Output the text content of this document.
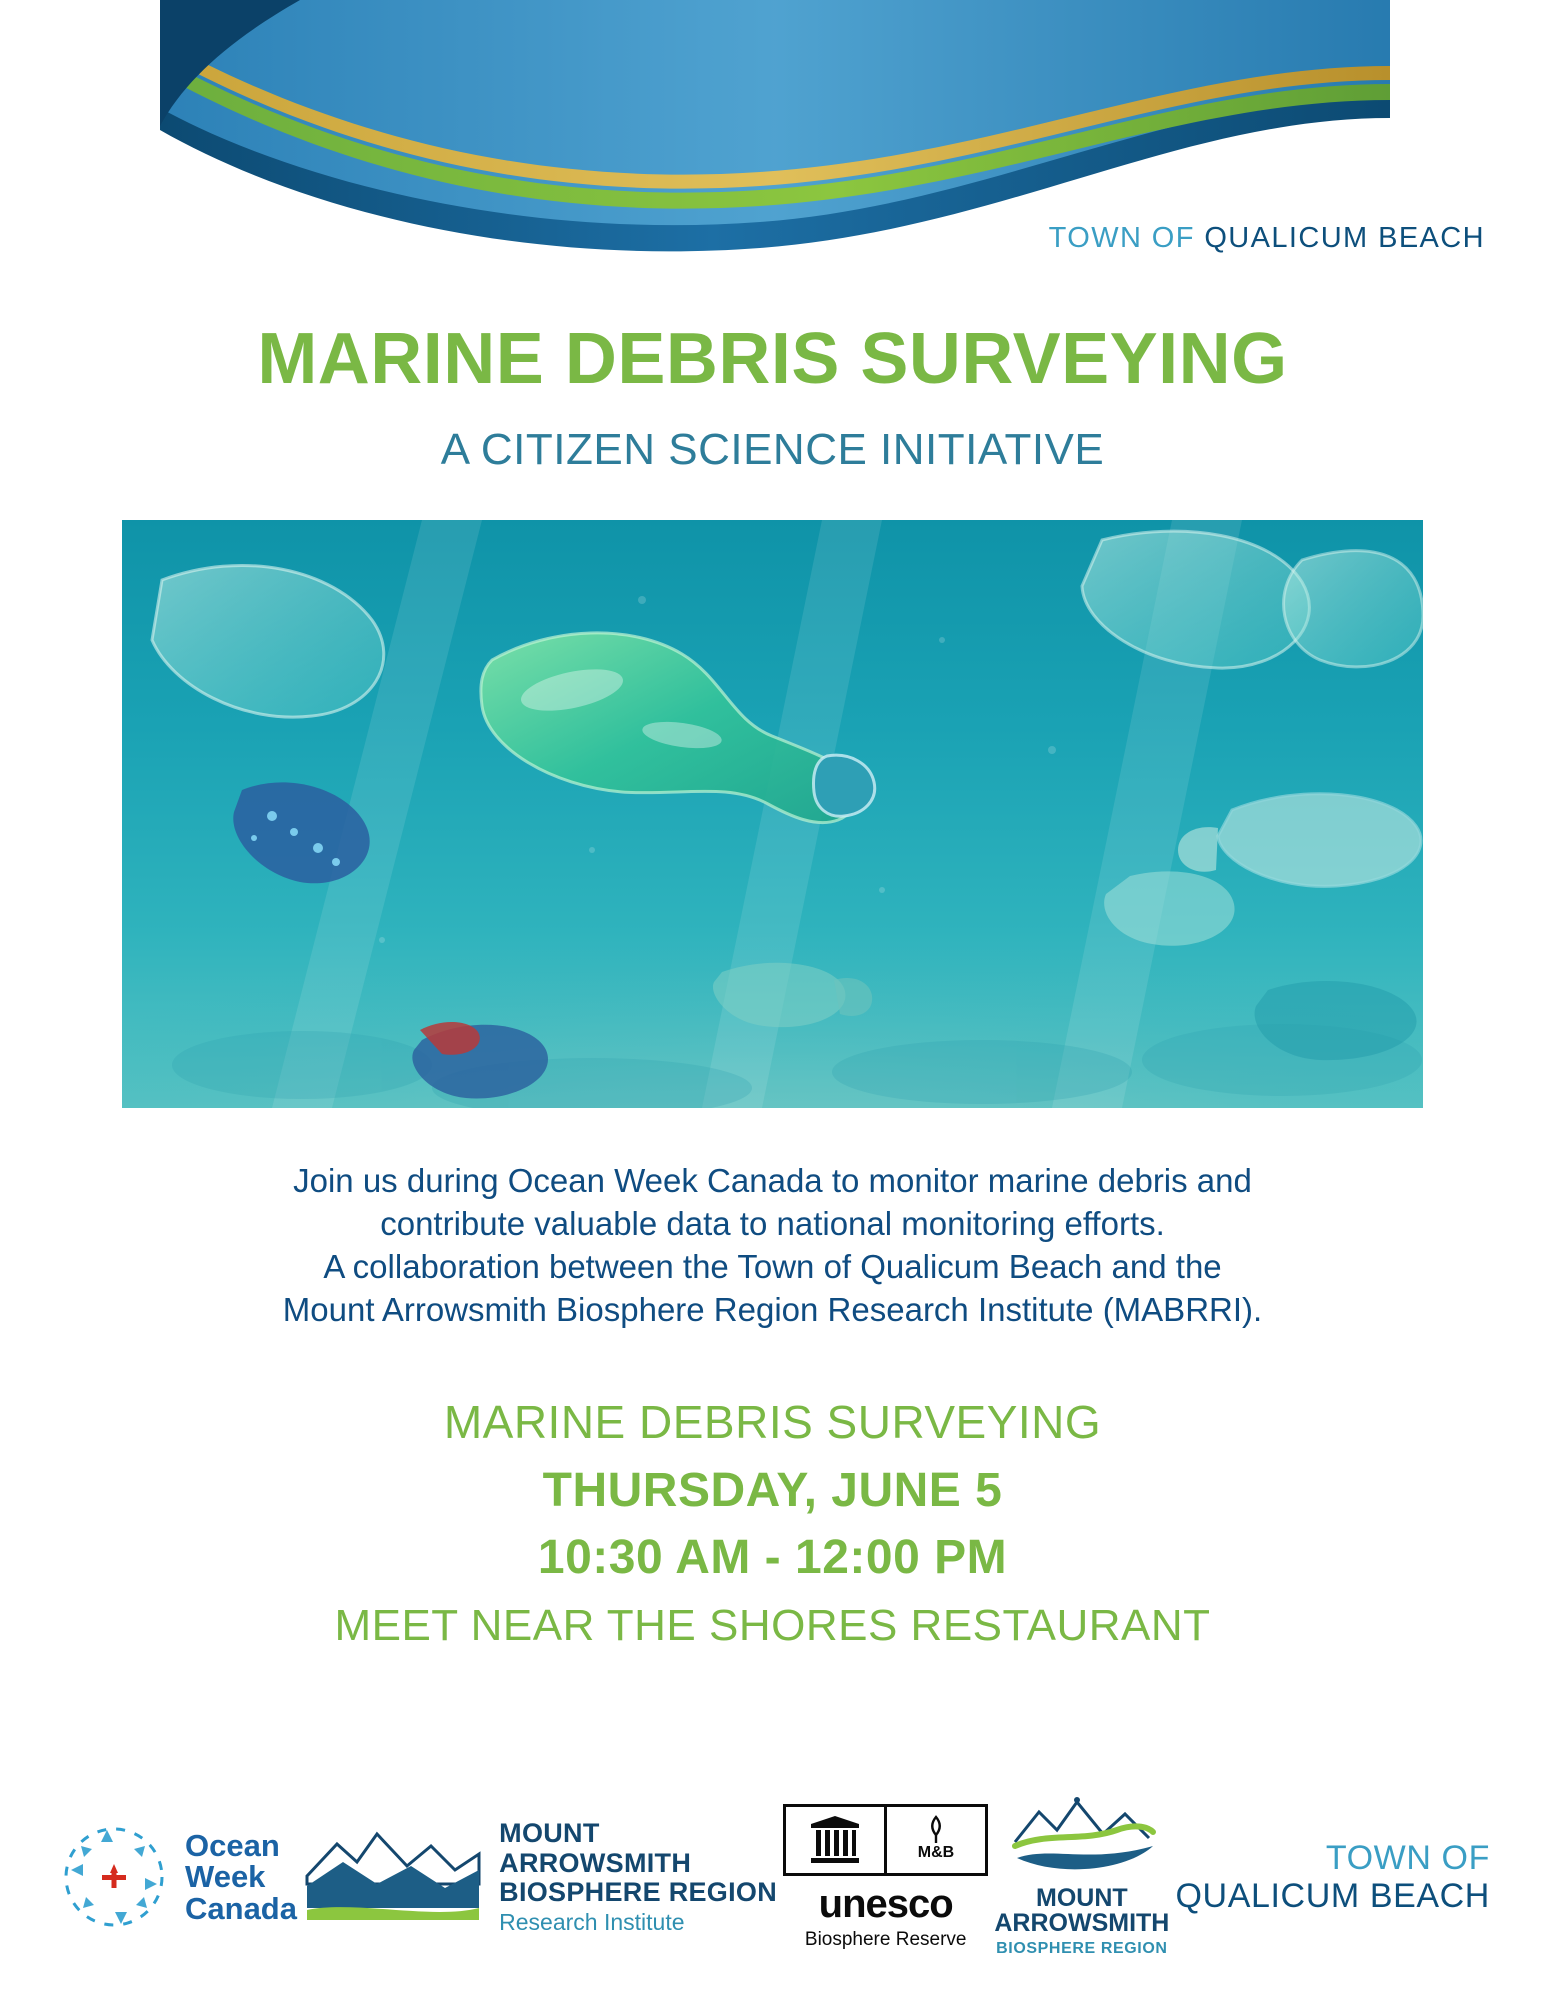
TOWN OF QUALICUM BEACH
MARINE DEBRIS SURVEYING
A CITIZEN SCIENCE INITIATIVE
Join us during Ocean Week Canada to monitor marine debris and
contribute valuable data to national monitoring efforts.
A collaboration between the Town of Qualicum Beach and the
Mount Arrowsmith Biosphere Region Research Institute (MABRRI).
MARINE DEBRIS SURVEYING
THURSDAY, JUNE 5
10:30 AM - 12:00 PM
MEET NEAR THE SHORES RESTAURANT
Ocean
Week
Canada
MOUNT
ARROWSMITH
BIOSPHERE REGION
Research Institute
M&B
unesco
Biosphere Reserve
MOUNT
ARROWSMITH
BIOSPHERE REGION
TOWN OF
QUALICUM BEACH
